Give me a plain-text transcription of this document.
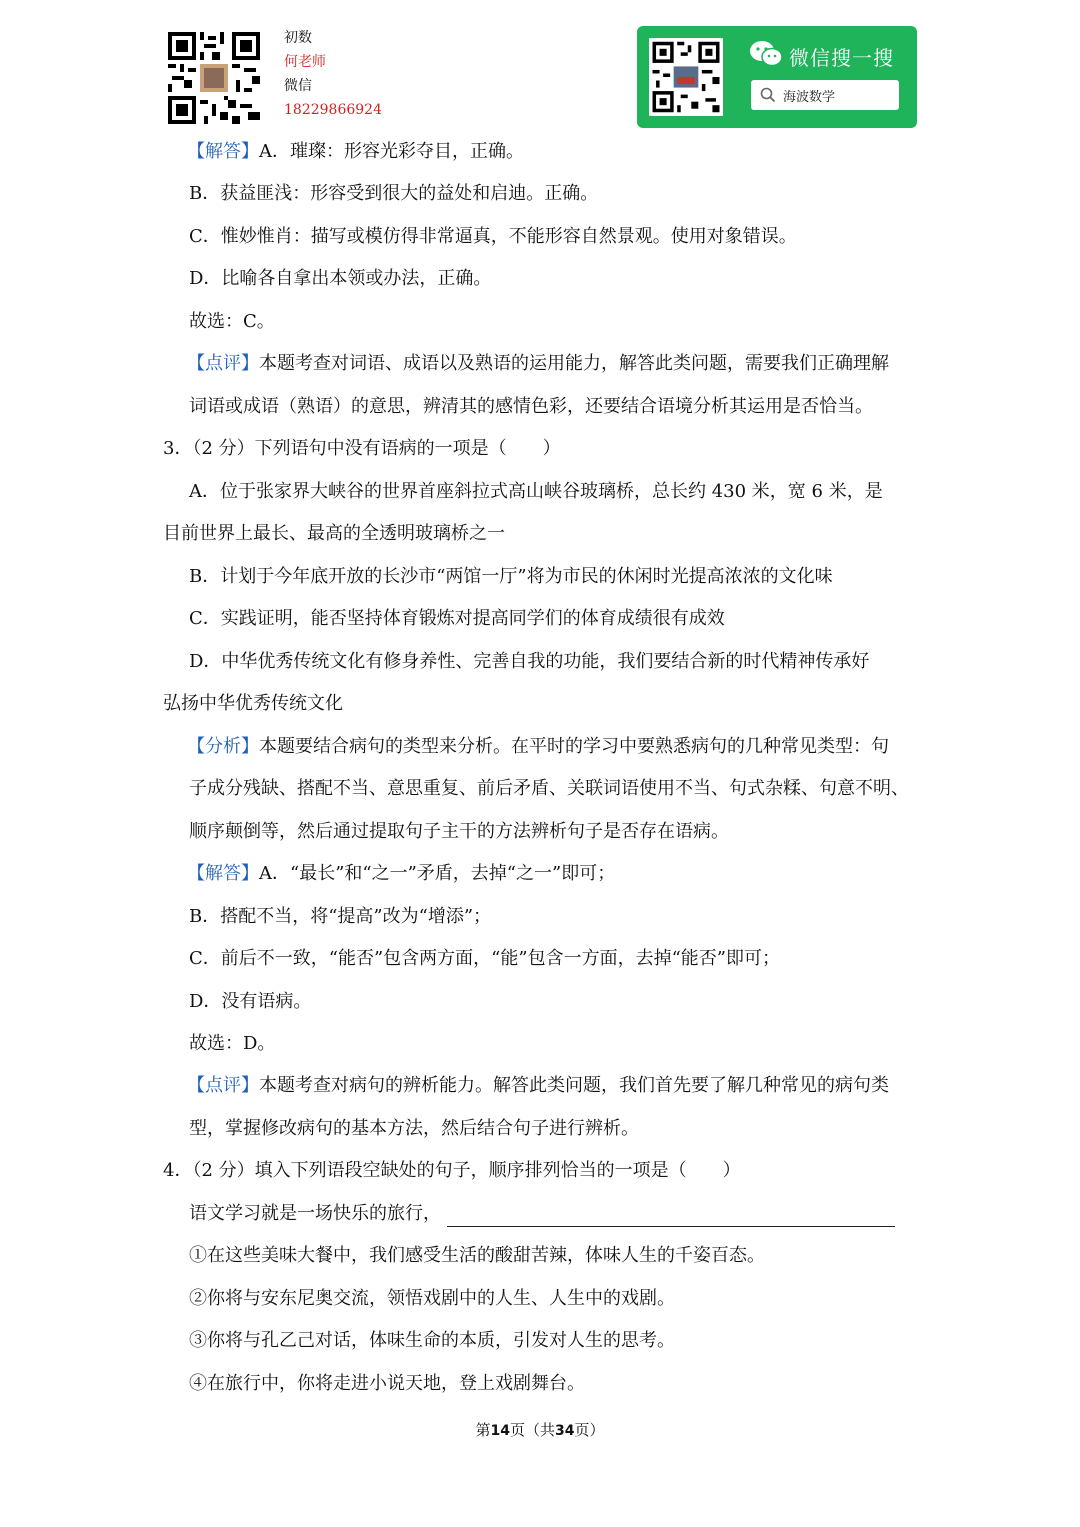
初数
何老师
微信
18229866924
微信搜一搜
海波数学
【解答】A．璀璨：形容光彩夺目，正确。
B．获益匪浅：形容受到很大的益处和启迪。正确。
C．惟妙惟肖：描写或模仿得非常逼真，不能形容自然景观。使用对象错误。
D．比喻各自拿出本领或办法，正确。
故选：C。
【点评】本题考查对词语、成语以及熟语的运用能力，解答此类问题，需要我们正确理解
词语或成语（熟语）的意思，辨清其的感情色彩，还要结合语境分析其运用是否恰当。
3．（2 分）下列语句中没有语病的一项是（　　）
A．位于张家界大峡谷的世界首座斜拉式高山峡谷玻璃桥，总长约 430 米，宽 6 米，是
目前世界上最长、最高的全透明玻璃桥之一
B．计划于今年底开放的长沙市“两馆一厅”将为市民的休闲时光提高浓浓的文化味
C．实践证明，能否坚持体育锻炼对提高同学们的体育成绩很有成效
D．中华优秀传统文化有修身养性、完善自我的功能，我们要结合新的时代精神传承好
弘扬中华优秀传统文化
【分析】本题要结合病句的类型来分析。在平时的学习中要熟悉病句的几种常见类型：句
子成分残缺、搭配不当、意思重复、前后矛盾、关联词语使用不当、句式杂糅、句意不明、
顺序颠倒等，然后通过提取句子主干的方法辨析句子是否存在语病。
【解答】A．“最长”和“之一”矛盾，去掉“之一”即可；
B．搭配不当，将“提高”改为“增添”；
C．前后不一致，“能否”包含两方面，“能”包含一方面，去掉“能否”即可；
D．没有语病。
故选：D。
【点评】本题考查对病句的辨析能力。解答此类问题，我们首先要了解几种常见的病句类
型，掌握修改病句的基本方法，然后结合句子进行辨析。
4．（2 分）填入下列语段空缺处的句子，顺序排列恰当的一项是（　　）
语文学习就是一场快乐的旅行，
①在这些美味大餐中，我们感受生活的酸甜苦辣，体味人生的千姿百态。
②你将与安东尼奥交流，领悟戏剧中的人生、人生中的戏剧。
③你将与孔乙己对话，体味生命的本质，引发对人生的思考。
④在旅行中，你将走进小说天地，登上戏剧舞台。
第14页（共34页）
